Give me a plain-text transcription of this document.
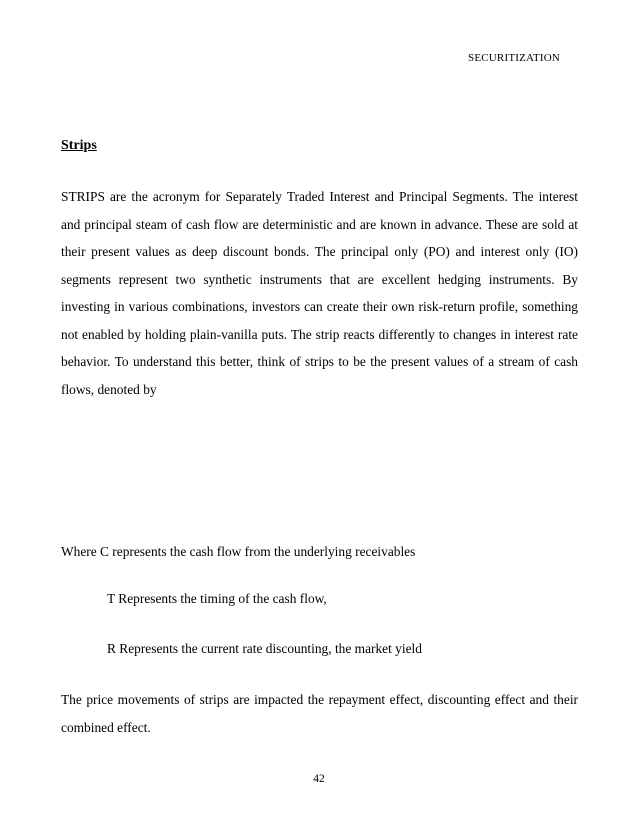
SECURITIZATION
Strips

STRIPS are the acronym for Separately Traded Interest and Principal Segments. The interest and principal steam of cash flow are deterministic and are known in advance. These are sold at their present values as deep discount bonds. The principal only (PO) and interest only (IO) segments represent two synthetic instruments that are excellent hedging instruments. By investing in various combinations, investors can create their own risk-return profile, something not enabled by holding plain-vanilla puts. The strip reacts differently to changes in interest rate behavior. To understand this better, think of strips to be the present values of a stream of cash flows, denoted by

Where C represents the cash flow from the underlying receivables

T Represents the timing of the cash flow,
R Represents the current rate discounting, the market yield

The price movements of strips are impacted the repayment effect, discounting effect and their combined effect.

42
